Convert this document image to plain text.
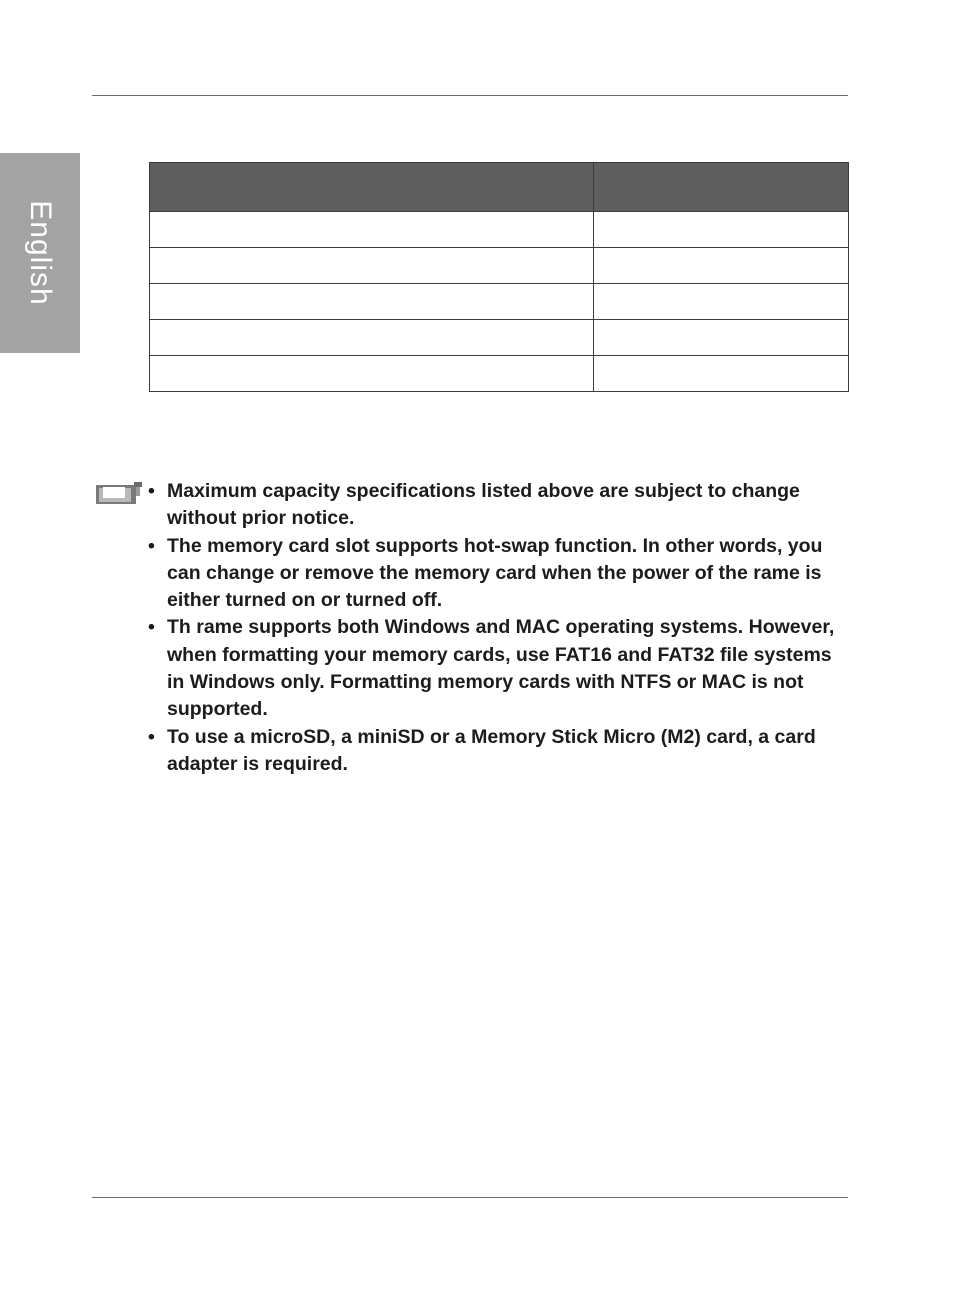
English

• Maximum capacity specifications listed above are subject to change without prior notice.
• The memory card slot supports hot-swap function. In other words, you can change or remove the memory card when the power of the rame is either turned on or turned off.
• Th rame supports both Windows and MAC operating systems. However, when formatting your memory cards, use FAT16 and FAT32 file systems in Windows only. Formatting memory cards with NTFS or MAC is not supported.
• To use a microSD, a miniSD or a Memory Stick Micro (M2) card, a card adapter is required.
